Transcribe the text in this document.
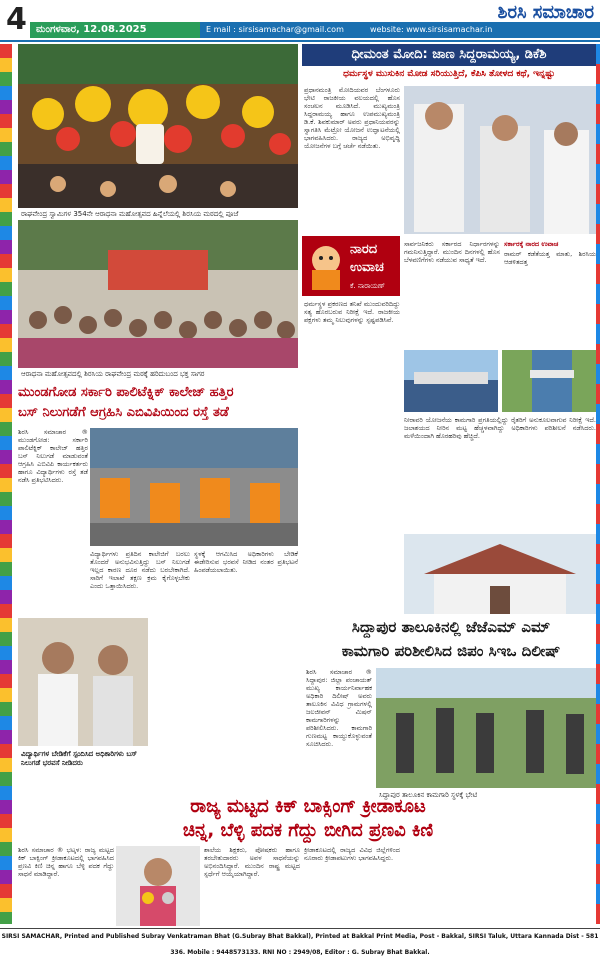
4 ಮಂಗಳವಾರ, 12.08.2025	E mail : sirsisamachar@gmail.com	website: www.sirsisamachar.in
ಶಿರಸಿ ಸಮಾಚಾರ
ರಾಘವೇಂದ್ರ ಸ್ವಾಮಿಗಳ 354ನೇ ಆರಾಧನಾ ಮಹೋತ್ಸವದ ಹಿನ್ನೆಲೆಯಲ್ಲಿ ಶಿರಸಿಯ ಮಠದಲ್ಲಿ ಪೂಜೆ
ಆರಾಧನಾ ಮಹೋತ್ಸವದಲ್ಲಿ ಶಿರಸಿಯ ರಾಘವೇಂದ್ರ ಮಠಕ್ಕೆ ಹರಿದುಬಂದ ಭಕ್ತ ಸಾಗರ
ಧೀಮಂತ ಮೋದಿ: ಜಾಣ ಸಿದ್ದರಾಮಯ್ಯ, ಡಿಕೆಶಿ
ಧರ್ಮಸ್ಥಳ ಮುಸುಕಿನ ಮೋಡ ಸರಿಯುತ್ತಿದೆ, ಕೆಪಿಸಿ ತೋಳದ ಕಥೆ, ಇನ್ನಷ್ಟು

ಪ್ರಧಾನಮಂತ್ರಿ ಮೋದಿಯವರ ಬೆಂಗಳೂರು ಭೇಟಿ ರಾಜಕೀಯ ವಲಯದಲ್ಲಿ ಹೊಸ ಸಂಚಲನ ಮೂಡಿಸಿದೆ. ಮುಖ್ಯಮಂತ್ರಿ ಸಿದ್ದರಾಮಯ್ಯ ಹಾಗೂ ಉಪಮುಖ್ಯಮಂತ್ರಿ ಡಿ.ಕೆ. ಶಿವಕುಮಾರ್ ಅವರು ಪ್ರಧಾನಿಯವರನ್ನು ಸ್ವಾಗತಿಸಿ ಮೆಟ್ರೋ ಯೋಜನೆ ಉದ್ಘಾಟನೆಯಲ್ಲಿ ಭಾಗವಹಿಸಿದರು. ರಾಜ್ಯದ ಅಭಿವೃದ್ಧಿ ಯೋಜನೆಗಳ ಬಗ್ಗೆ ಚರ್ಚೆ ನಡೆಯಿತು.

ನಾರದ
ಉವಾಚ
ಕೆ. ನಾರಾಯಣ್

ಧರ್ಮಸ್ಥಳ ಪ್ರಕರಣದ ತನಿಖೆ ಮುಂದುವರಿದಿದ್ದು ಸತ್ಯ ಹೊರಬರುವ ನಿರೀಕ್ಷೆ ಇದೆ. ರಾಜಕೀಯ ಪಕ್ಷಗಳು ತಮ್ಮ ನಿಲುವುಗಳನ್ನು ಸ್ಪಷ್ಟಪಡಿಸಿವೆ.

ಸಾರ್ವಜನಿಕರು ಸರ್ಕಾರದ ನಿರ್ಧಾರಗಳನ್ನು ಗಮನಿಸುತ್ತಿದ್ದಾರೆ. ಮುಂದಿನ ದಿನಗಳಲ್ಲಿ ಹೊಸ ಬೆಳವಣಿಗೆಗಳು ನಡೆಯುವ ಸಾಧ್ಯತೆ ಇದೆ.

ಸರ್ಕಾರಕ್ಕೆ ನಾರದ ಉವಾಚ

ರಾಮರ್ ಕಡೆತೆಯತ್ತ ಮಾತು, ಶಿರಸಿಯ ಆಡಳಿತದತ್ತ

ನೀರಾವರಿ ಯೋಜನೆಯ ಕಾಮಗಾರಿ ಪ್ರಗತಿಯಲ್ಲಿದ್ದು ರೈತರಿಗೆ ಅನುಕೂಲವಾಗುವ ನಿರೀಕ್ಷೆ ಇದೆ. ಜಲಾಶಯದ ನೀರಿನ ಮಟ್ಟ ಹೆಚ್ಚಳವಾಗಿದ್ದು ಅಧಿಕಾರಿಗಳು ಪರಿಶೀಲನೆ ನಡೆಸಿದರು. ಮಳೆಯಿಂದಾಗಿ ಹೊರಹರಿವು ಹೆಚ್ಚಿದೆ.

ಮುಂಡಗೋಡ ಸರ್ಕಾರಿ ಪಾಲಿಟೆಕ್ನಿಕ್ ಕಾಲೇಜ್ ಹತ್ತಿರ
ಬಸ್ ನಿಲುಗಡೆಗೆ ಆಗ್ರಹಿಸಿ ಎಬಿವಿಪಿಯಿಂದ ರಸ್ತೆ ತಡೆ

ಶಿರಸಿ ಸಮಾಚಾರ ® ಮುಂಡಗೋಡ: ಸರ್ಕಾರಿ ಪಾಲಿಟೆಕ್ನಿಕ್ ಕಾಲೇಜ್ ಹತ್ತಿರ ಬಸ್ ನಿಲುಗಡೆ ಮಾಡುವಂತೆ ಆಗ್ರಹಿಸಿ ಎಬಿವಿಪಿ ಕಾರ್ಯಕರ್ತರು ಹಾಗೂ ವಿದ್ಯಾರ್ಥಿಗಳು ರಸ್ತೆ ತಡೆ ನಡೆಸಿ ಪ್ರತಿಭಟಿಸಿದರು.

ವಿದ್ಯಾರ್ಥಿಗಳು ಪ್ರತಿದಿನ ಕಾಲೇಜಿಗೆ ಬರಲು ತೊಂದರೆ ಅನುಭವಿಸುತ್ತಿದ್ದು ಬಸ್ ನಿಲುಗಡೆ ಇಲ್ಲದ ಕಾರಣ ದೂರ ನಡೆದು ಬರಬೇಕಾಗಿದೆ. ಸಾರಿಗೆ ಇಲಾಖೆ ತಕ್ಷಣ ಕ್ರಮ ಕೈಗೊಳ್ಳಬೇಕು ಎಂದು ಒತ್ತಾಯಿಸಿದರು.

ಸ್ಥಳಕ್ಕೆ ಆಗಮಿಸಿದ ಅಧಿಕಾರಿಗಳು ಬೇಡಿಕೆ ಈಡೇರಿಸುವ ಭರವಸೆ ನೀಡಿದ ನಂತರ ಪ್ರತಿಭಟನೆ ಹಿಂಪಡೆಯಲಾಯಿತು.

ವಿದ್ಯಾರ್ಥಿಗಳ ಬೇಡಿಕೆಗೆ ಸ್ಪಂದಿಸಿದ ಅಧಿಕಾರಿಗಳು ಬಸ್ ನಿಲುಗಡೆ ಭರವಸೆ ನೀಡಿದರು
ಸಿದ್ದಾಪುರ ತಾಲೂಕಿನಲ್ಲಿ ಜೆಜೆಎಮ್ ಎಮ್
ಕಾಮಗಾರಿ ಪರಿಶೀಲಿಸಿದ ಜಿಪಂ ಸಿಇಒ ದಿಲೀಷ್

ಶಿರಸಿ ಸಮಾಚಾರ ® ಸಿದ್ದಾಪುರ: ಜಿಲ್ಲಾ ಪಂಚಾಯತ್ ಮುಖ್ಯ ಕಾರ್ಯನಿರ್ವಾಹಕ ಅಧಿಕಾರಿ ದಿಲೀಷ್ ಅವರು ತಾಲೂಕಿನ ವಿವಿಧ ಗ್ರಾಮಗಳಲ್ಲಿ ಜಲಜೀವನ್ ಮಿಷನ್ ಕಾಮಗಾರಿಗಳನ್ನು ಪರಿಶೀಲಿಸಿದರು. ಕಾಮಗಾರಿ ಗುಣಮಟ್ಟ ಕಾಯ್ದುಕೊಳ್ಳುವಂತೆ ಸೂಚಿಸಿದರು.

ಸಿದ್ದಾಪುರ ತಾಲೂಕಿನ ಕಾಮಗಾರಿ ಸ್ಥಳಕ್ಕೆ ಭೇಟಿ
ರಾಜ್ಯ ಮಟ್ಟದ ಕಿಕ್ ಬಾಕ್ಸಿಂಗ್ ಕ್ರೀಡಾಕೂಟ
ಚಿನ್ನ, ಬೆಳ್ಳಿ ಪದಕ ಗೆದ್ದು ಬೀಗಿದ ಪ್ರಣವಿ ಕಿಣಿ

ಶಿರಸಿ ಸಮಾಚಾರ ® ಭಟ್ಕಳ: ರಾಜ್ಯ ಮಟ್ಟದ ಕಿಕ್ ಬಾಕ್ಸಿಂಗ್ ಕ್ರೀಡಾಕೂಟದಲ್ಲಿ ಭಾಗವಹಿಸಿದ ಪ್ರಣವಿ ಕಿಣಿ ಚಿನ್ನ ಹಾಗೂ ಬೆಳ್ಳಿ ಪದಕ ಗೆದ್ದು ಸಾಧನೆ ಮಾಡಿದ್ದಾರೆ.

ಶಾಲೆಯ ಶಿಕ್ಷಕರು, ಪೋಷಕರು ಹಾಗೂ ತರಬೇತುದಾರರು ಅವಳ ಸಾಧನೆಯನ್ನು ಅಭಿನಂದಿಸಿದ್ದಾರೆ. ಮುಂದಿನ ರಾಷ್ಟ್ರ ಮಟ್ಟದ ಸ್ಪರ್ಧೆಗೆ ಆಯ್ಕೆಯಾಗಿದ್ದಾರೆ.

ಕ್ರೀಡಾಕೂಟದಲ್ಲಿ ರಾಜ್ಯದ ವಿವಿಧ ಜಿಲ್ಲೆಗಳಿಂದ ನೂರಾರು ಕ್ರೀಡಾಪಟುಗಳು ಭಾಗವಹಿಸಿದ್ದರು.

SIRSI SAMACHAR, Printed and Published Subray Venkatraman Bhat (G.Subray Bhat Bakkal), Printed at Bakkal Print Media, Post - Bakkal, SIRSI Taluk, Uttara Kannada Dist - 581 336. Mobile : 9448573133. RNI NO : 2949/08, Editor : G. Subray Bhat Bakkal.
